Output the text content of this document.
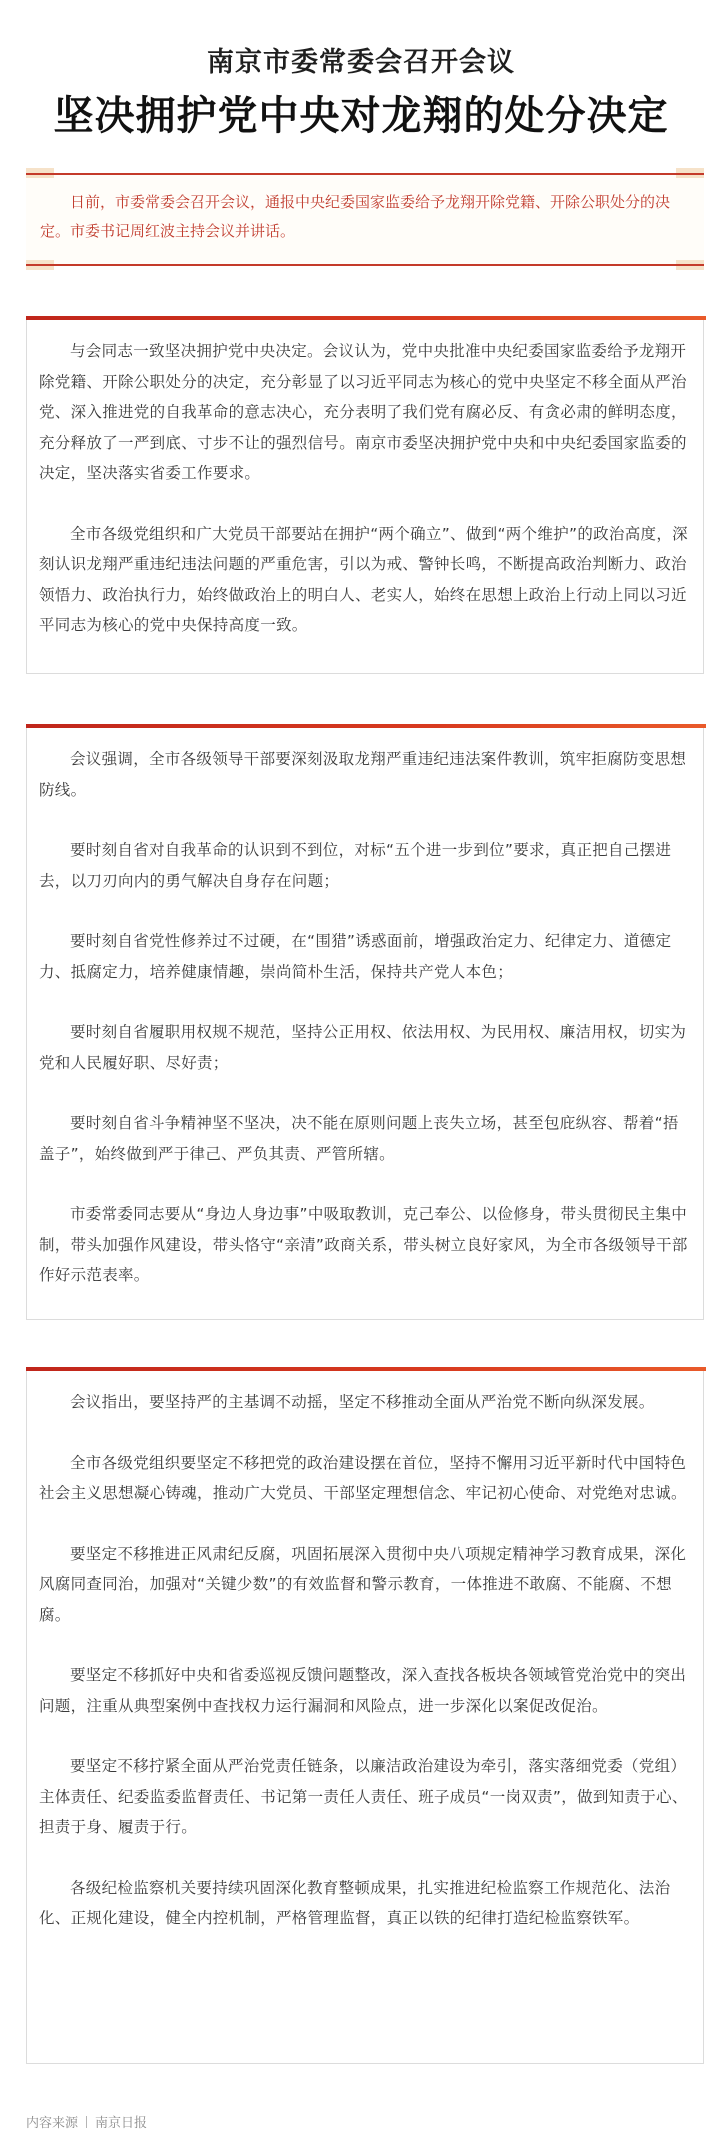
南京市委常委会召开会议
坚决拥护党中央对龙翔的处分决定

日前，市委常委会召开会议，通报中央纪委国家监委给予龙翔开除党籍、开除公职处分的决定。市委书记周红波主持会议并讲话。

与会同志一致坚决拥护党中央决定。会议认为，党中央批准中央纪委国家监委给予龙翔开除党籍、开除公职处分的决定，充分彰显了以习近平同志为核心的党中央坚定不移全面从严治党、深入推进党的自我革命的意志决心，充分表明了我们党有腐必反、有贪必肃的鲜明态度，充分释放了一严到底、寸步不让的强烈信号。南京市委坚决拥护党中央和中央纪委国家监委的决定，坚决落实省委工作要求。

全市各级党组织和广大党员干部要站在拥护“两个确立”、做到“两个维护”的政治高度，深刻认识龙翔严重违纪违法问题的严重危害，引以为戒、警钟长鸣，不断提高政治判断力、政治领悟力、政治执行力，始终做政治上的明白人、老实人，始终在思想上政治上行动上同以习近平同志为核心的党中央保持高度一致。

会议强调，全市各级领导干部要深刻汲取龙翔严重违纪违法案件教训，筑牢拒腐防变思想防线。

要时刻自省对自我革命的认识到不到位，对标“五个进一步到位”要求，真正把自己摆进去，以刀刃向内的勇气解决自身存在问题；

要时刻自省党性修养过不过硬，在“围猎”诱惑面前，增强政治定力、纪律定力、道德定力、抵腐定力，培养健康情趣，崇尚简朴生活，保持共产党人本色；

要时刻自省履职用权规不规范，坚持公正用权、依法用权、为民用权、廉洁用权，切实为党和人民履好职、尽好责；

要时刻自省斗争精神坚不坚决，决不能在原则问题上丧失立场，甚至包庇纵容、帮着“捂盖子”，始终做到严于律己、严负其责、严管所辖。

市委常委同志要从“身边人身边事”中吸取教训，克己奉公、以俭修身，带头贯彻民主集中制，带头加强作风建设，带头恪守“亲清”政商关系，带头树立良好家风，为全市各级领导干部作好示范表率。

会议指出，要坚持严的主基调不动摇，坚定不移推动全面从严治党不断向纵深发展。

全市各级党组织要坚定不移把党的政治建设摆在首位，坚持不懈用习近平新时代中国特色社会主义思想凝心铸魂，推动广大党员、干部坚定理想信念、牢记初心使命、对党绝对忠诚。

要坚定不移推进正风肃纪反腐，巩固拓展深入贯彻中央八项规定精神学习教育成果，深化风腐同查同治，加强对“关键少数”的有效监督和警示教育，一体推进不敢腐、不能腐、不想腐。

要坚定不移抓好中央和省委巡视反馈问题整改，深入查找各板块各领域管党治党中的突出问题，注重从典型案例中查找权力运行漏洞和风险点，进一步深化以案促改促治。

要坚定不移拧紧全面从严治党责任链条，以廉洁政治建设为牵引，落实落细党委（党组）主体责任、纪委监委监督责任、书记第一责任人责任、班子成员“一岗双责”，做到知责于心、担责于身、履责于行。

各级纪检监察机关要持续巩固深化教育整顿成果，扎实推进纪检监察工作规范化、法治化、正规化建设，健全内控机制，严格管理监督，真正以铁的纪律打造纪检监察铁军。

内容来源 南京日报
